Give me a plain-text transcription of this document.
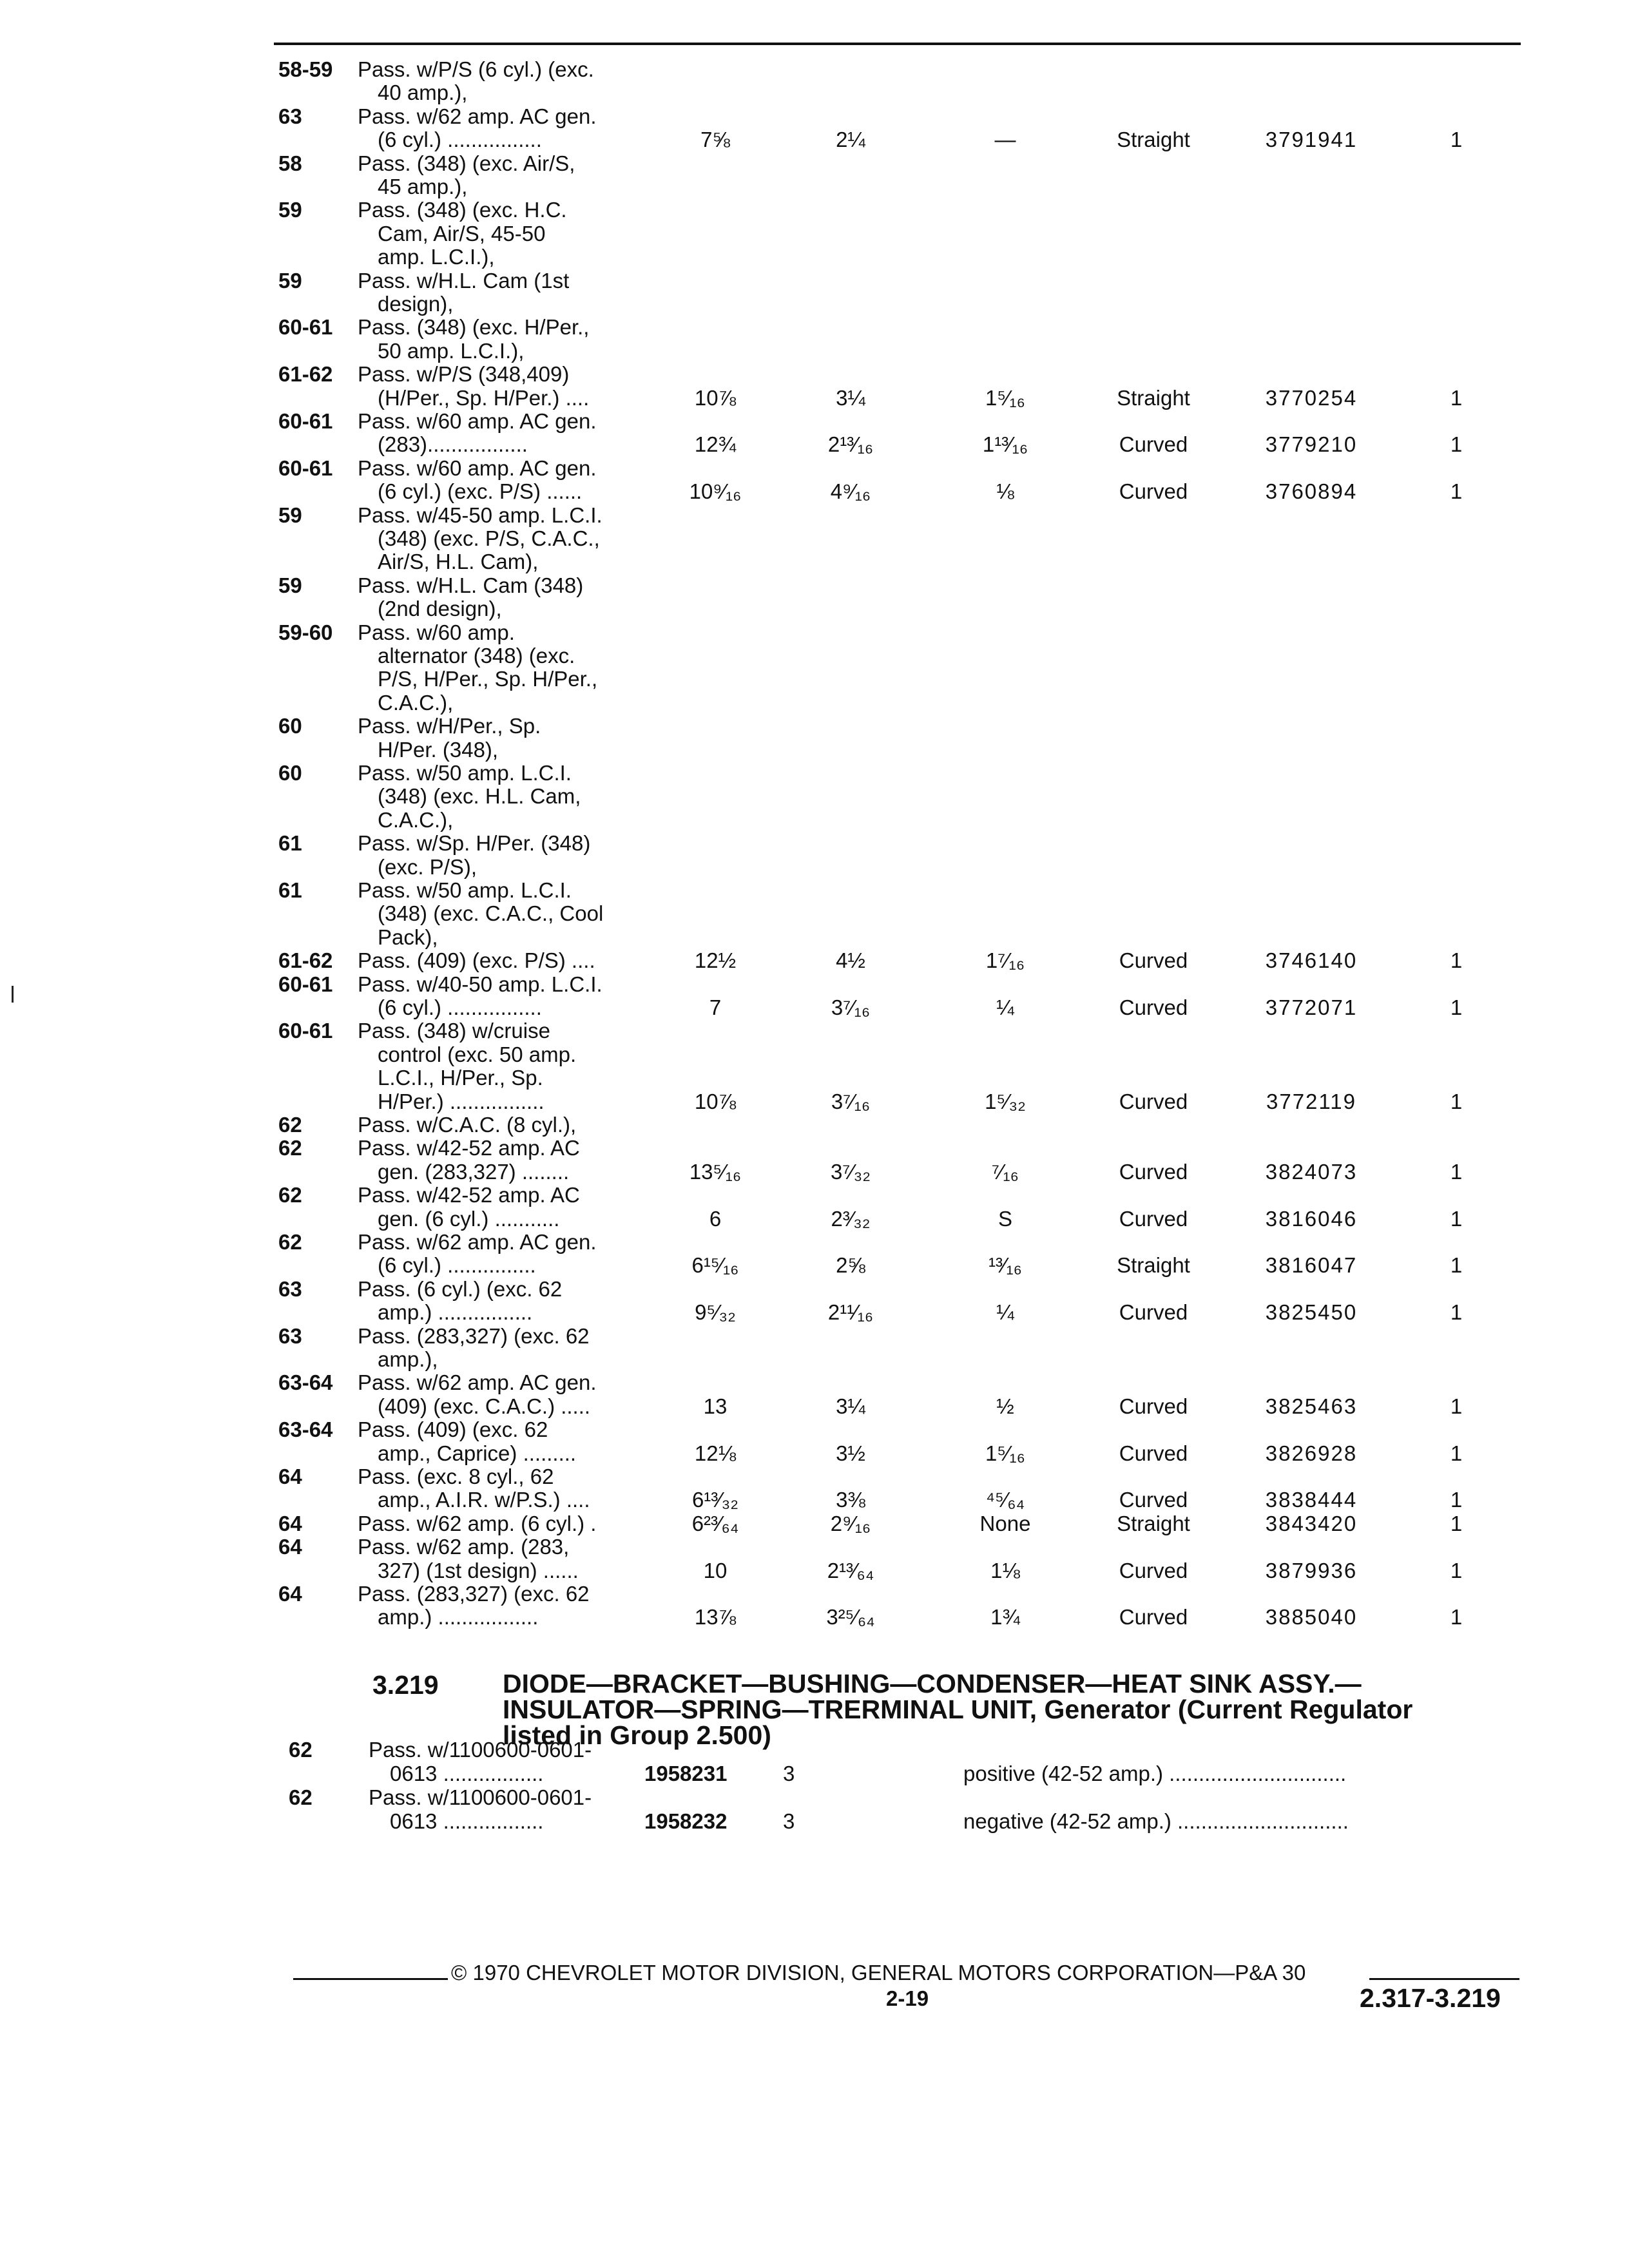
58-59 Pass. w/P/S (6 cyl.) (exc.
40 amp.),
63	Pass. w/62 amp. AC gen.
(6 cyl.) ................	7⅝	2¼	—	Straight	3791941	1
58	Pass. (348) (exc. Air/S,
45 amp.),
59	Pass. (348) (exc. H.C.
Cam, Air/S, 45-50
amp. L.C.I.),
59	Pass. w/H.L. Cam (1st
design),
60-61 Pass. (348) (exc. H/Per.,
50 amp. L.C.I.),
61-62 Pass. w/P/S (348,409)
(H/Per., Sp. H/Per.) ....	10⅞	3¼	1⁵⁄₁₆	Straight	3770254	1
60-61 Pass. w/60 amp. AC gen.
(283).................	12¾	2¹³⁄₁₆	1¹³⁄₁₆	Curved	3779210	1
60-61 Pass. w/60 amp. AC gen.
(6 cyl.) (exc. P/S) ......	10⁹⁄₁₆	4⁹⁄₁₆	⅛	Curved	3760894	1
59	Pass. w/45-50 amp. L.C.I.
(348) (exc. P/S, C.A.C.,
Air/S, H.L. Cam),
59	Pass. w/H.L. Cam (348)
(2nd design),
59-60 Pass. w/60 amp.
alternator (348) (exc.
P/S, H/Per., Sp. H/Per.,
C.A.C.),
60	Pass. w/H/Per., Sp.
H/Per. (348),
60	Pass. w/50 amp. L.C.I.
(348) (exc. H.L. Cam,
C.A.C.),
61	Pass. w/Sp. H/Per. (348)
(exc. P/S),
61	Pass. w/50 amp. L.C.I.
(348) (exc. C.A.C., Cool
Pack),
61-62 Pass. (409) (exc. P/S) ....	12½	4½	1⁷⁄₁₆	Curved	3746140	1
60-61 Pass. w/40-50 amp. L.C.I.
(6 cyl.) ................	7	3⁷⁄₁₆	¼	Curved	3772071	1
60-61 Pass. (348) w/cruise
control (exc. 50 amp.
L.C.I., H/Per., Sp.
H/Per.) ................	10⅞	3⁷⁄₁₆	1⁵⁄₃₂	Curved	3772119	1
62	Pass. w/C.A.C. (8 cyl.),
62	Pass. w/42-52 amp. AC
gen. (283,327) ........	13⁵⁄₁₆	3⁷⁄₃₂	⁷⁄₁₆	Curved	3824073	1
62	Pass. w/42-52 amp. AC
gen. (6 cyl.) ...........	6	2³⁄₃₂	S	Curved	3816046	1
62	Pass. w/62 amp. AC gen.
(6 cyl.) ...............	6¹⁵⁄₁₆	2⅝	¹³⁄₁₆	Straight	3816047	1
63	Pass. (6 cyl.) (exc. 62
amp.) ................	9⁵⁄₃₂	2¹¹⁄₁₆	¼	Curved	3825450	1
63	Pass. (283,327) (exc. 62
amp.),
63-64 Pass. w/62 amp. AC gen.
(409) (exc. C.A.C.) .....	13	3¼	½	Curved	3825463	1
63-64 Pass. (409) (exc. 62
amp., Caprice) .........	12⅛	3½	1⁵⁄₁₆	Curved	3826928	1
64	Pass. (exc. 8 cyl., 62
amp., A.I.R. w/P.S.) ....	6¹³⁄₃₂	3⅜	⁴⁵⁄₆₄	Curved	3838444	1
64	Pass. w/62 amp. (6 cyl.) .	6²³⁄₆₄	2⁹⁄₁₆	None	Straight	3843420	1
64	Pass. w/62 amp. (283,
327) (1st design) ......	10	2¹³⁄₆₄	1⅛	Curved	3879936	1
64	Pass. (283,327) (exc. 62
amp.) .................	13⅞	3²⁵⁄₆₄	1¾	Curved	3885040	1
3.219 DIODE—BRACKET—BUSHING—CONDENSER—HEAT SINK ASSY.—
INSULATOR—SPRING—TRERMINAL UNIT, Generator (Current Regulator
listed in Group 2.500)
62	Pass. w/1100600-0601-
0613 .................	1958231	3	positive (42-52 amp.) ..............................
62	Pass. w/1100600-0601-
0613 .................	1958232	3	negative (42-52 amp.) .............................
© 1970 CHEVROLET MOTOR DIVISION, GENERAL MOTORS CORPORATION—P&A 30
2-19	2.317-3.219
